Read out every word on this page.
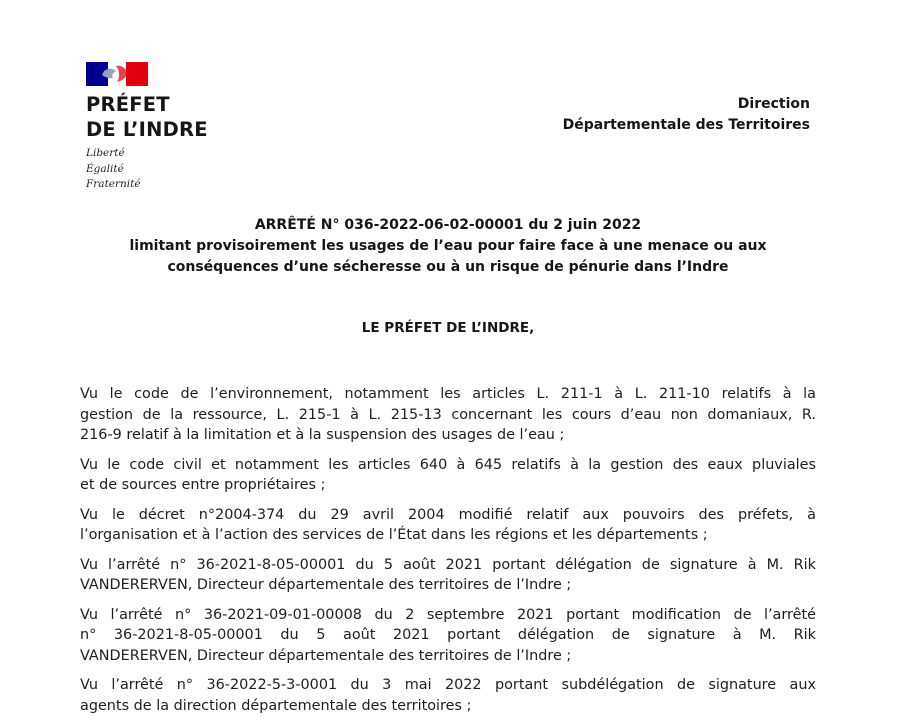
PRÉFET
DE L’INDRE
Liberté
Égalité
Fraternité
Direction
Départementale des Territoires
ARRÊTÉ N° 036-2022-06-02-00001 du 2 juin 2022
limitant provisoirement les usages de l’eau pour faire face à une menace ou aux
conséquences d’une sécheresse ou à un risque de pénurie dans l’Indre
LE PRÉFET DE L’INDRE,
Vu le code de l’environnement, notamment les articles L. 211-1 à L. 211-10 relatifs à la
gestion de la ressource, L. 215-1 à L. 215-13 concernant les cours d’eau non domaniaux, R.
216-9 relatif à la limitation et à la suspension des usages de l’eau ;
Vu le code civil et notamment les articles 640 à 645 relatifs à la gestion des eaux pluviales
et de sources entre propriétaires ;
Vu le décret n°2004-374 du 29 avril 2004 modifié relatif aux pouvoirs des préfets, à
l’organisation et à l’action des services de l’État dans les régions et les départements ;
Vu l’arrêté n° 36-2021-8-05-00001 du 5 août 2021 portant délégation de signature à M. Rik
VANDERERVEN, Directeur départementale des territoires de l’Indre ;
Vu l’arrêté n° 36-2021-09-01-00008 du 2 septembre 2021 portant modification de l’arrêté
n° 36-2021-8-05-00001 du 5 août 2021 portant délégation de signature à M. Rik
VANDERERVEN, Directeur départementale des territoires de l’Indre ;
Vu l’arrêté n° 36-2022-5-3-0001 du 3 mai 2022 portant subdélégation de signature aux
agents de la direction départementale des territoires ;
